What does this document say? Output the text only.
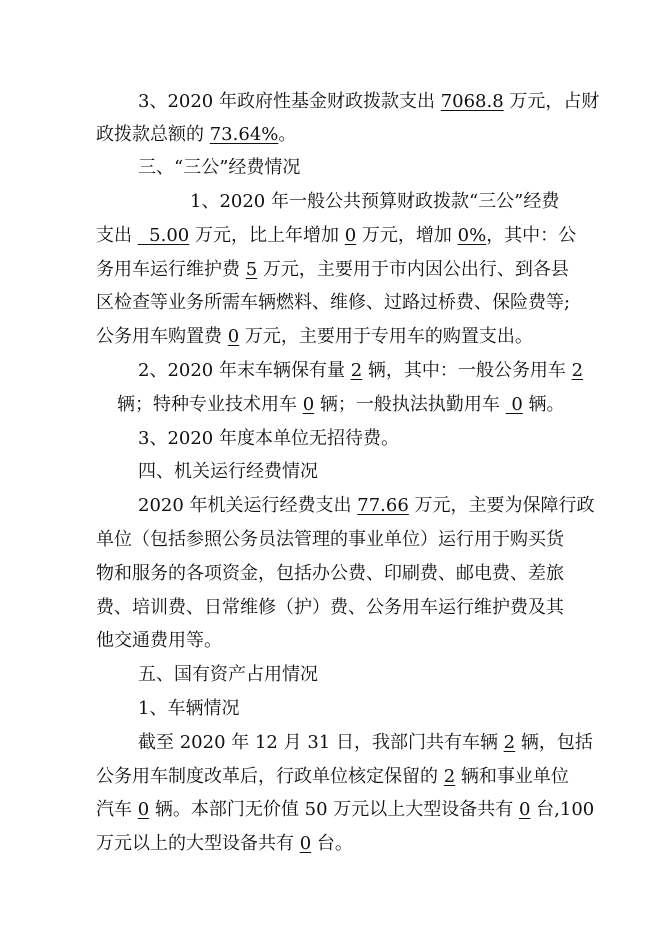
3、2020 年政府性基金财政拨款支出 7068.8 万元，占财
政拨款总额的 73.64%。
三、“三公”经费情况
1、2020 年一般公共预算财政拨款“三公”经费
支出   5.00 万元，比上年增加 0 万元，增加 0%，其中：公
务用车运行维护费 5 万元，主要用于市内因公出行、到各县
区检查等业务所需车辆燃料、维修、过路过桥费、保险费等;
公务用车购置费 0 万元，主要用于专用车的购置支出。
2、2020 年末车辆保有量 2 辆，其中：一般公务用车 2
辆；特种专业技术用车 0 辆；一般执法执勤用车  0 辆。
3、2020 年度本单位无招待费。
四、机关运行经费情况
2020 年机关运行经费支出 77.66 万元，主要为保障行政
单位（包括参照公务员法管理的事业单位）运行用于购买货
物和服务的各项资金，包括办公费、印刷费、邮电费、差旅
费、培训费、日常维修（护）费、公务用车运行维护费及其
他交通费用等。
五、国有资产占用情况
1、车辆情况
截至 2020 年 12 月 31 日，我部门共有车辆 2 辆，包括
公务用车制度改革后，行政单位核定保留的 2 辆和事业单位
汽车 0 辆。本部门无价值 50 万元以上大型设备共有 0 台,100
万元以上的大型设备共有 0 台。
